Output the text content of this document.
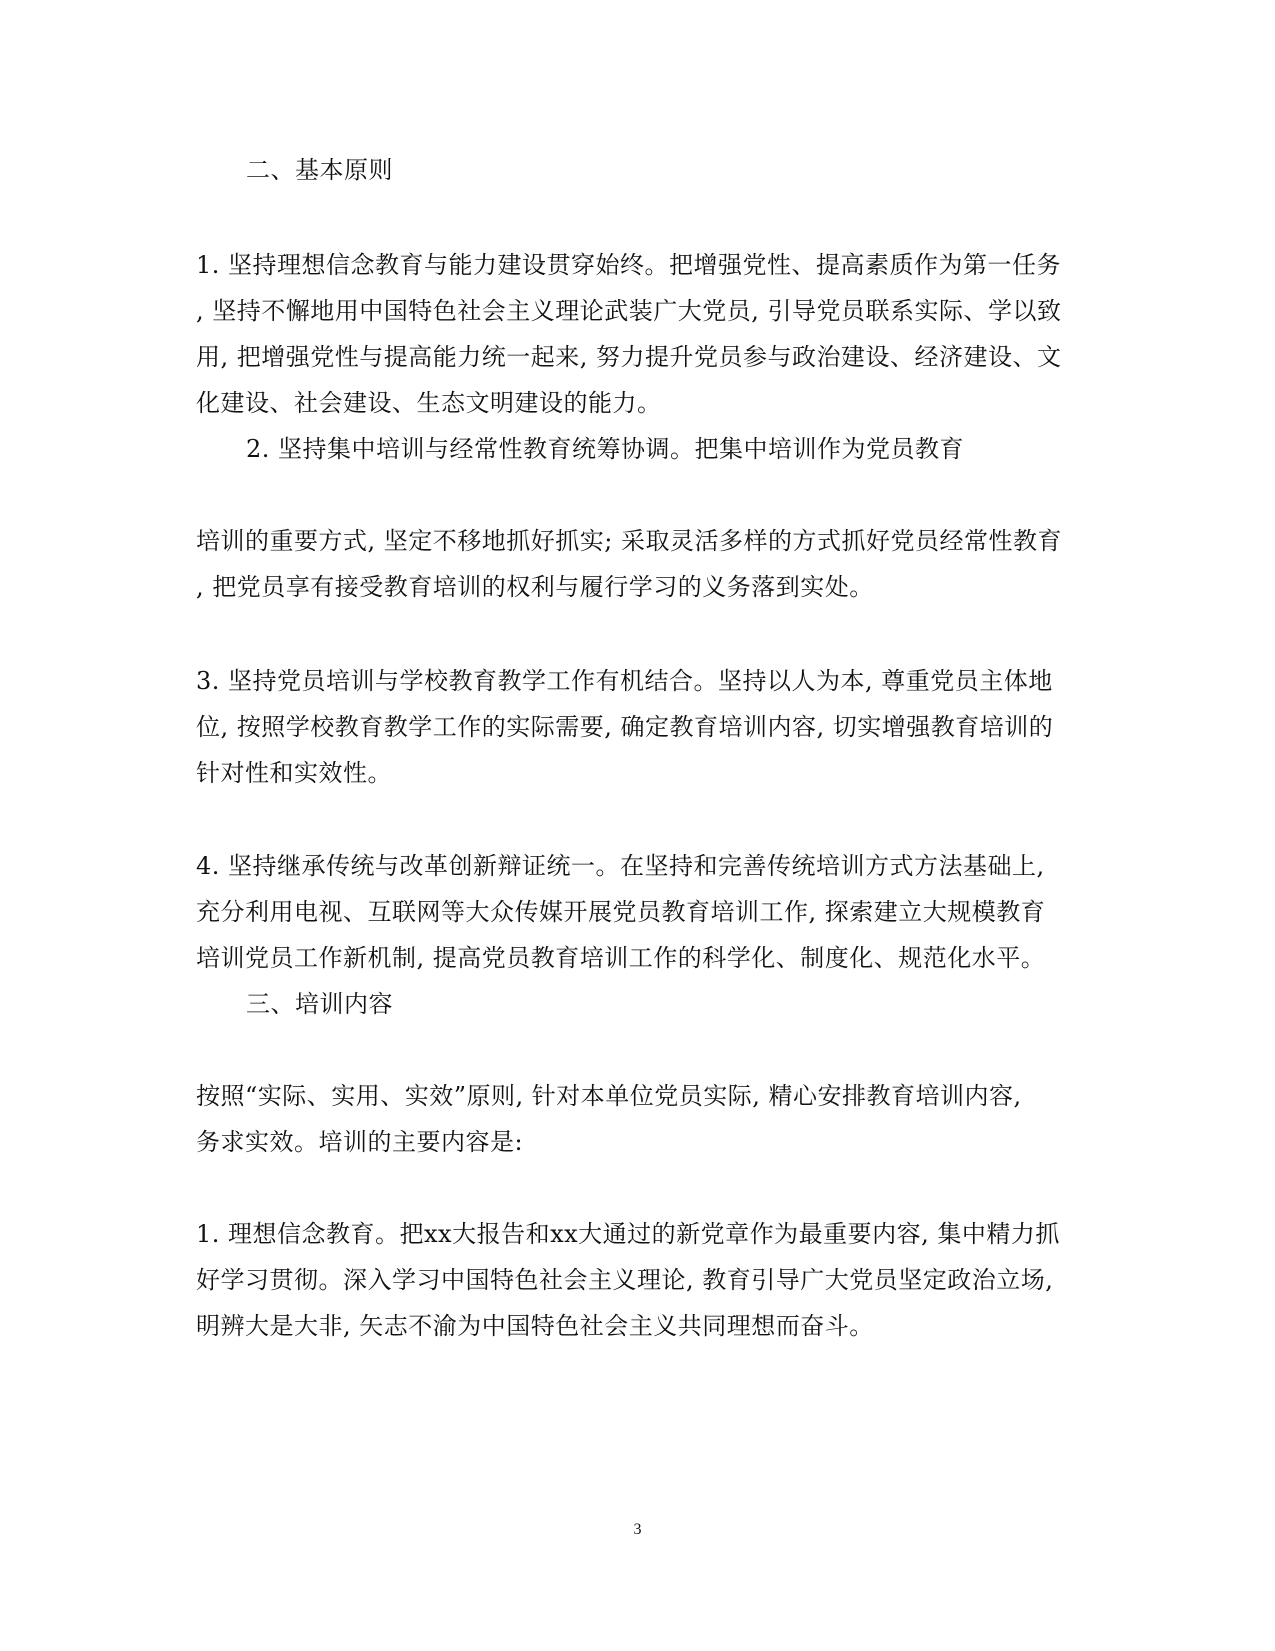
二、基本原则
1. 坚持理想信念教育与能力建设贯穿始终。把增强党性、提高素质作为第一任务
, 坚持不懈地用中国特色社会主义理论武装广大党员, 引导党员联系实际、学以致
用, 把增强党性与提高能力统一起来, 努力提升党员参与政治建设、经济建设、文
化建设、社会建设、生态文明建设的能力。
2. 坚持集中培训与经常性教育统筹协调。把集中培训作为党员教育
培训的重要方式, 坚定不移地抓好抓实; 采取灵活多样的方式抓好党员经常性教育
, 把党员享有接受教育培训的权利与履行学习的义务落到实处。
3. 坚持党员培训与学校教育教学工作有机结合。坚持以人为本, 尊重党员主体地
位, 按照学校教育教学工作的实际需要, 确定教育培训内容, 切实增强教育培训的
针对性和实效性。
4. 坚持继承传统与改革创新辩证统一。在坚持和完善传统培训方式方法基础上,
充分利用电视、互联网等大众传媒开展党员教育培训工作, 探索建立大规模教育
培训党员工作新机制, 提高党员教育培训工作的科学化、制度化、规范化水平。
三、培训内容
按照“实际、实用、实效”原则, 针对本单位党员实际, 精心安排教育培训内容,
务求实效。培训的主要内容是:
1. 理想信念教育。把xx大报告和xx大通过的新党章作为最重要内容, 集中精力抓
好学习贯彻。深入学习中国特色社会主义理论, 教育引导广大党员坚定政治立场,
明辨大是大非, 矢志不渝为中国特色社会主义共同理想而奋斗。
3
